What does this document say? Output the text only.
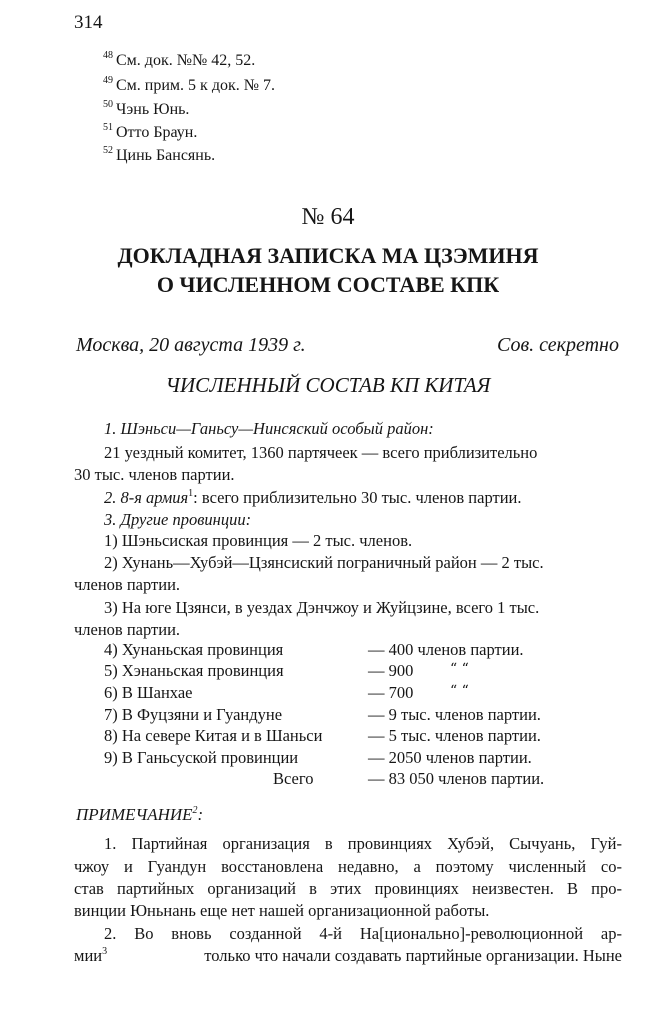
314
$^{48}$ См. док. №№ 42, 52.
$^{49}$ См. прим. 5 к док. № 7.
$^{50}$ Чэнь Юнь.
$^{51}$ Отто Браун.
$^{52}$ Цинь Бансянь.
№ 64
ДОКЛАДНАЯ ЗАПИСКА МА ЦЗЭМИНЯ
О ЧИСЛЕННОМ СОСТАВЕ КПК
Москва, 20 августа 1939 г.	Сов. секретно
ЧИСЛЕННЫЙ СОСТАВ КП КИТАЯ
1. Шэньси—Ганьсу—Нинсяский особый район:
21 уездный комитет, 1360 партячеек — всего приблизительно
30 тыс. членов партии.
2. 8-я армия$^1$: всего приблизительно 30 тыс. членов партии.
3. Другие провинции:
1) Шэньсиская провинция — 2 тыс. членов.
2) Хунань—Хубэй—Цзянсиский пограничный район — 2 тыс.
членов партии.
3) На юге Цзянси, в уездах Дэнчжоу и Жуйцзине, всего 1 тыс.
членов партии.
4) Хунаньская провинция	— 400 членов партии.
5) Хэнаньская провинция	— 900	“ “
6) В Шанхае	— 700	“ “
7) В Фуцзяни и Гуандуне	— 9 тыс. членов партии.
8) На севере Китая и в Шаньси	— 5 тыс. членов партии.
9) В Ганьсуской провинции	— 2050 членов партии.
Всего	— 83 050 членов партии.
ПРИМЕЧАНИЕ$^2$:
1. Партийная организация в провинциях Хубэй, Сычуань, Гуй-
чжоу и Гуандун восстановлена недавно, а поэтому численный со-
став партийных организаций в этих провинциях неизвестен. В про-
винции Юньнань еще нет нашей организационной работы.
2. Во вновь созданной 4-й На[ционально]-революционной ар-
мии$^3$	только что начали создавать партийные организации. Ныне
